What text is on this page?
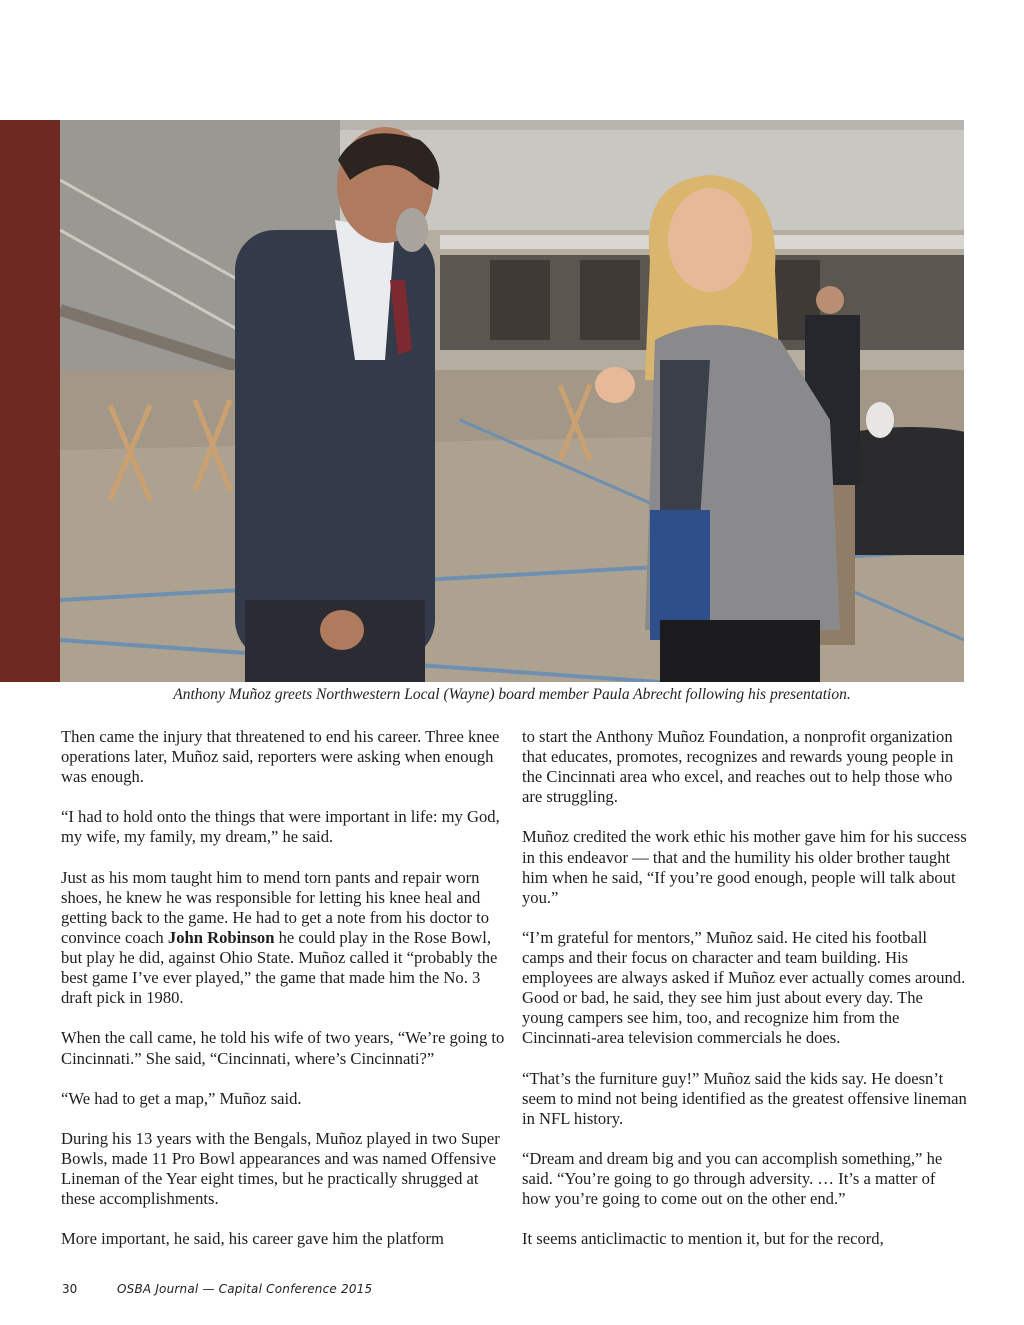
Anthony Muñoz greets Northwestern Local (Wayne) board member Paula Abrecht following his presentation.

Then came the injury that threatened to end his career. Three knee operations later, Muñoz said, reporters were asking when enough was enough.

“I had to hold onto the things that were important in life: my God, my wife, my family, my dream,” he said.

Just as his mom taught him to mend torn pants and repair worn shoes, he knew he was responsible for letting his knee heal and getting back to the game. He had to get a note from his doctor to convince coach John Robinson he could play in the Rose Bowl, but play he did, against Ohio State. Muñoz called it “probably the best game I’ve ever played,” the game that made him the No. 3 draft pick in 1980.

When the call came, he told his wife of two years, “We’re going to Cincinnati.” She said, “Cincinnati, where’s Cincinnati?”

“We had to get a map,” Muñoz said.

During his 13 years with the Bengals, Muñoz played in two Super Bowls, made 11 Pro Bowl appearances and was named Offensive Lineman of the Year eight times, but he practically shrugged at these accomplishments.

More important, he said, his career gave him the platform

to start the Anthony Muñoz Foundation, a nonprofit organization that educates, promotes, recognizes and rewards young people in the Cincinnati area who excel, and reaches out to help those who are struggling.

Muñoz credited the work ethic his mother gave him for his success in this endeavor — that and the humility his older brother taught him when he said, “If you’re good enough, people will talk about you.”

“I’m grateful for mentors,” Muñoz said. He cited his football camps and their focus on character and team building. His employees are always asked if Muñoz ever actually comes around. Good or bad, he said, they see him just about every day. The young campers see him, too, and recognize him from the Cincinnati-area television commercials he does.

“That’s the furniture guy!” Muñoz said the kids say. He doesn’t seem to mind not being identified as the greatest offensive lineman in NFL history.

“Dream and dream big and you can accomplish something,” he said. “You’re going to go through adversity. … It’s a matter of how you’re going to come out on the other end.”

It seems anticlimactic to mention it, but for the record,

30	OSBA Journal — Capital Conference 2015
